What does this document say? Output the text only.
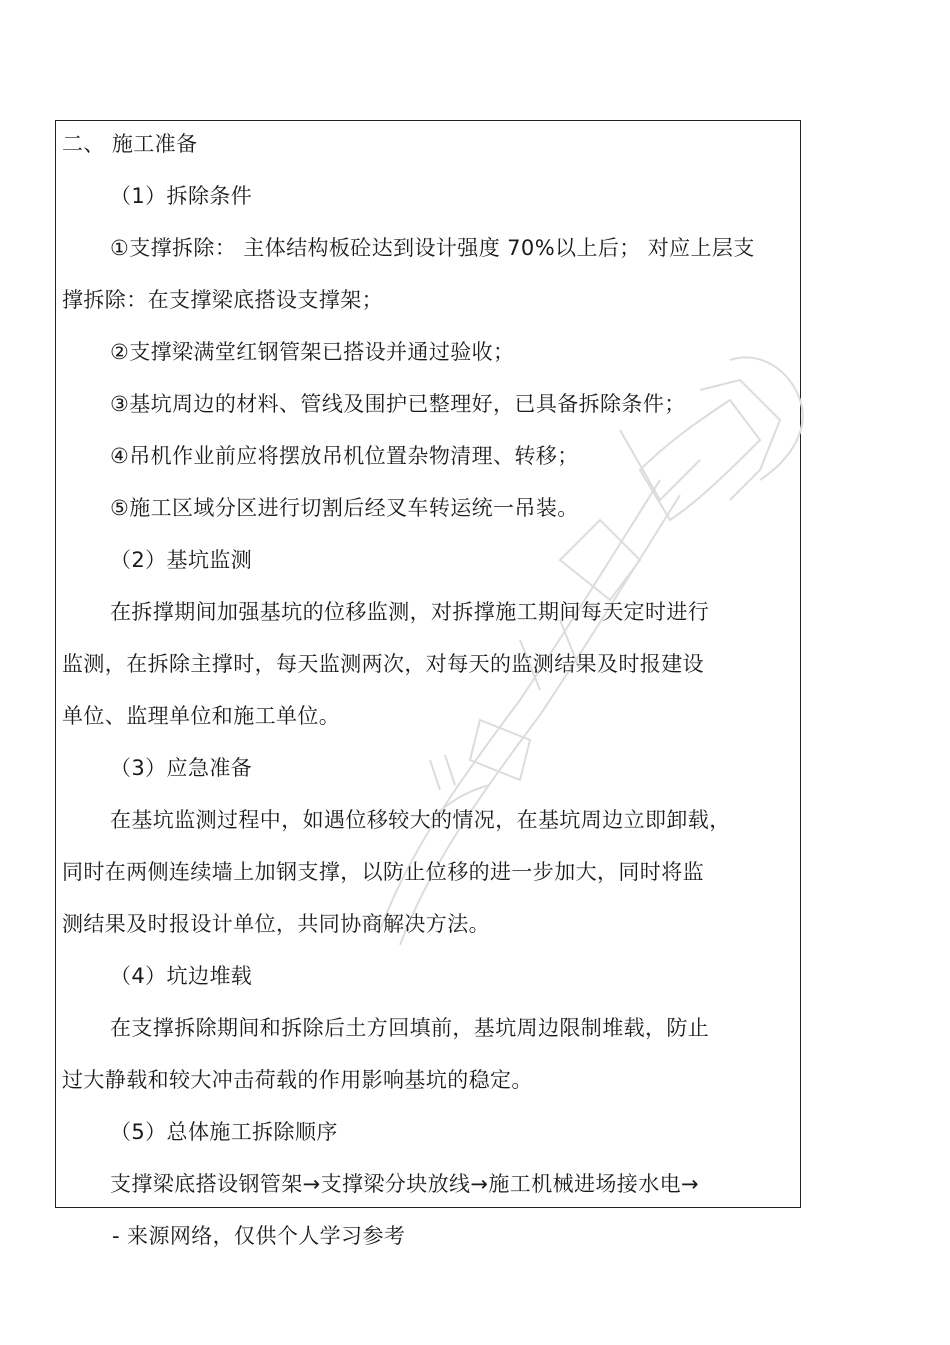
二、 施工准备
（1）拆除条件
①支撑拆除： 主体结构板砼达到设计强度 70%以上后； 对应上层支
撑拆除：在支撑梁底搭设支撑架；
②支撑梁满堂红钢管架已搭设并通过验收；
③基坑周边的材料、管线及围护已整理好，已具备拆除条件；
④吊机作业前应将摆放吊机位置杂物清理、转移；
⑤施工区域分区进行切割后经叉车转运统一吊装。
（2）基坑监测
在拆撑期间加强基坑的位移监测，对拆撑施工期间每天定时进行
监测，在拆除主撑时，每天监测两次，对每天的监测结果及时报建设
单位、监理单位和施工单位。
（3）应急准备
在基坑监测过程中，如遇位移较大的情况，在基坑周边立即卸载，
同时在两侧连续墙上加钢支撑，以防止位移的进一步加大，同时将监
测结果及时报设计单位，共同协商解决方法。
（4）坑边堆载
在支撑拆除期间和拆除后土方回填前，基坑周边限制堆载，防止
过大静载和较大冲击荷载的作用影响基坑的稳定。
（5）总体施工拆除顺序
支撑梁底搭设钢管架→支撑梁分块放线→施工机械进场接水电→
- 来源网络，仅供个人学习参考
